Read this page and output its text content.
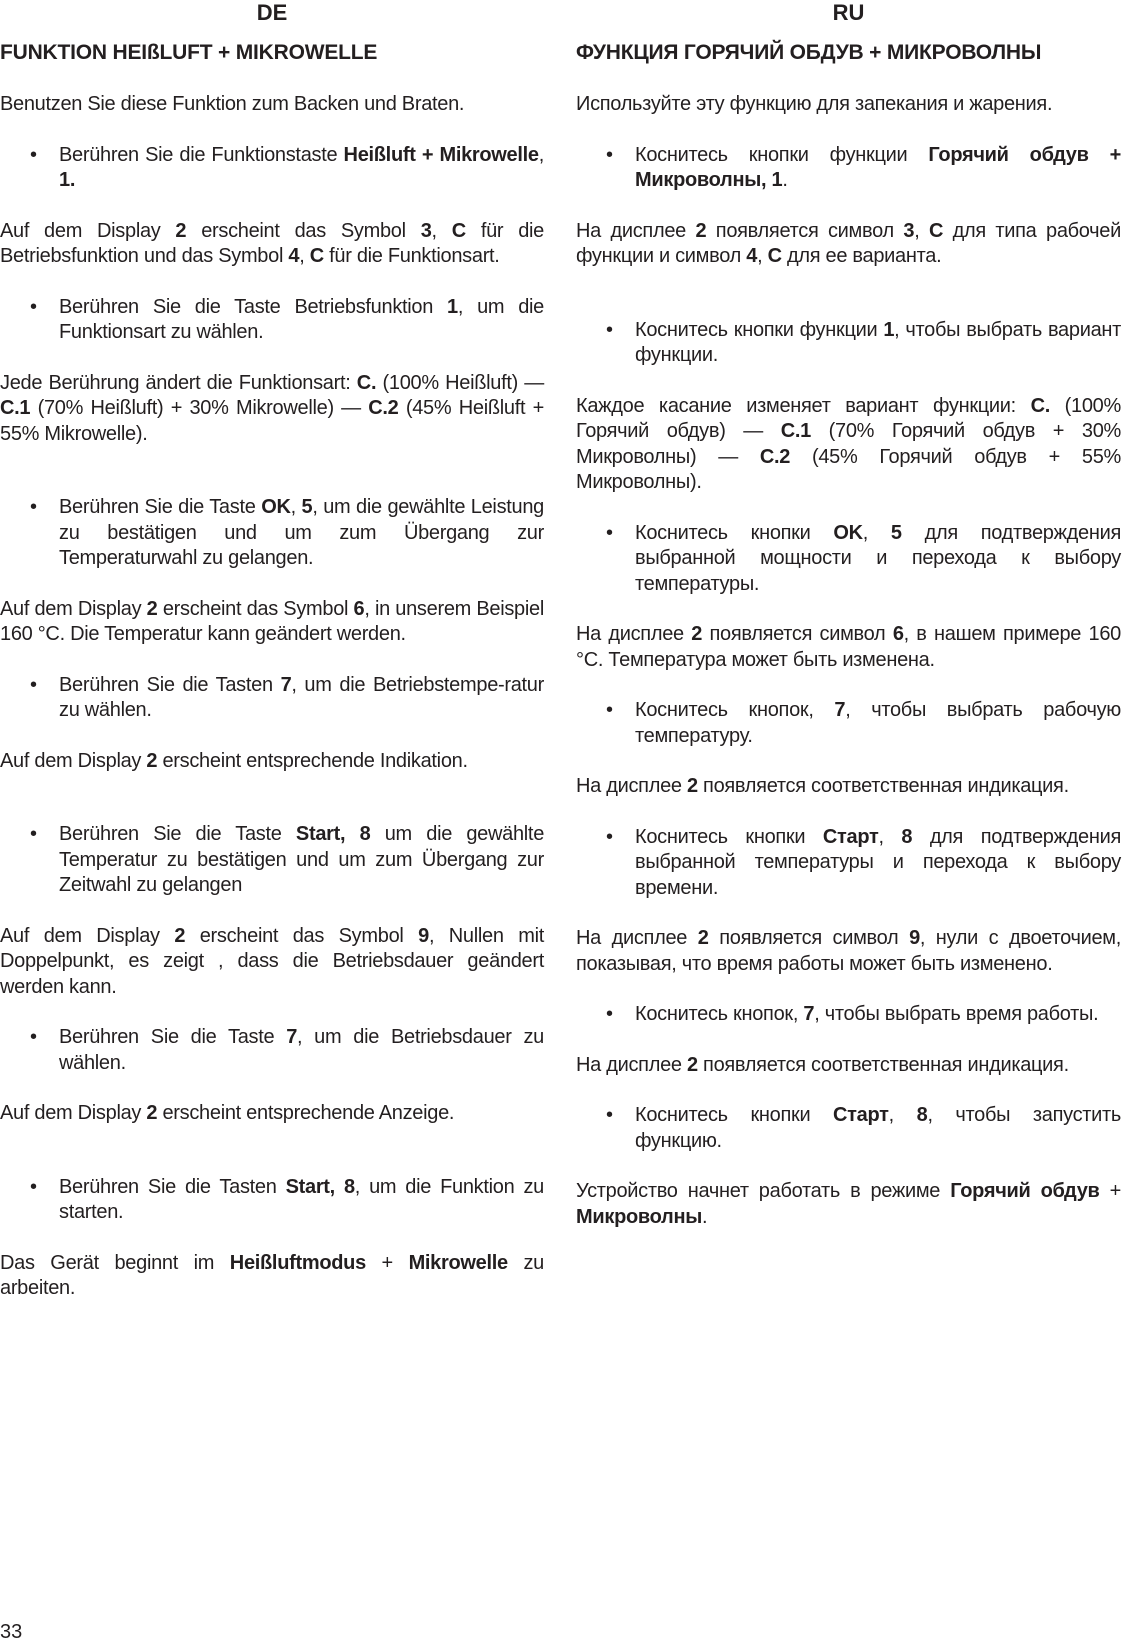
DE
FUNKTION HEIßLUFT + MIKROWELLE
Benutzen Sie diese Funktion zum Backen und Braten.
• Berühren Sie die Funktionstaste Heißluft + Mikrowelle, 1.
Auf dem Display 2 erscheint das Symbol 3, C für die Betriebsfunktion und das Symbol 4, C für die Funktionsart.
• Berühren Sie die Taste Betriebsfunktion 1, um die Funktionsart zu wählen.
Jede Berührung ändert die Funktionsart: C. (100% Heißluft) — C.1 (70% Heißluft) + 30% Mikrowelle) — C.2 (45% Heißluft + 55% Mikrowelle).
• Berühren Sie die Taste OK, 5, um die gewählte Leistung zu bestätigen und um zum Übergang zur Temperaturwahl zu gelangen.
Auf dem Display 2 erscheint das Symbol 6, in unserem Beispiel 160 °C. Die Temperatur kann geändert werden.
• Berühren Sie die Tasten 7, um die Betriebstempe-ratur zu wählen.
Auf dem Display 2 erscheint entsprechende Indikation.
• Berühren Sie die Taste Start, 8 um die gewählte Temperatur zu bestätigen und um zum Übergang zur Zeitwahl zu gelangen
Auf dem Display 2 erscheint das Symbol 9, Nullen mit Doppelpunkt, es zeigt , dass die Betriebsdauer geändert werden kann.
• Berühren Sie die Taste 7, um die Betriebsdauer zu wählen.
Auf dem Display 2 erscheint entsprechende Anzeige.
• Berühren Sie die Tasten Start, 8, um die Funktion zu starten.
Das Gerät beginnt im Heißluftmodus + Mikrowelle zu arbeiten.
RU
ФУНКЦИЯ ГОРЯЧИЙ ОБДУВ + МИКРОВОЛНЫ
Используйте эту функцию для запекания и жарения.
• Коснитесь кнопки функции Горячий обдув + Микроволны, 1.
На дисплее 2 появляется символ 3, С для типа рабочей функции и символ 4, С для ее варианта.
• Коснитесь кнопки функции 1, чтобы выбрать вариант функции.
Каждое касание изменяет вариант функции: С. (100% Горячий обдув) — С.1 (70% Горячий обдув + 30% Микроволны) — С.2 (45% Горячий обдув + 55% Микроволны).
• Коснитесь кнопки OK, 5 для подтверждения выбранной мощности и перехода к выбору температуры.
На дисплее 2 появляется символ 6, в нашем примере 160 °C. Температура может быть изменена.
• Коснитесь кнопок, 7, чтобы выбрать рабочую температуру.
На дисплее 2 появляется соответственная индикация.
• Коснитесь кнопки Старт, 8 для подтверждения выбранной температуры и перехода к выбору времени.
На дисплее 2 появляется символ 9, нули с двоеточием, показывая, что время работы может быть изменено.
• Коснитесь кнопок, 7, чтобы выбрать время работы.
На дисплее 2 появляется соответственная индикация.
• Коснитесь кнопки Старт, 8, чтобы запустить функцию.
Устройство начнет работать в режиме Горячий обдув + Микроволны.
33
